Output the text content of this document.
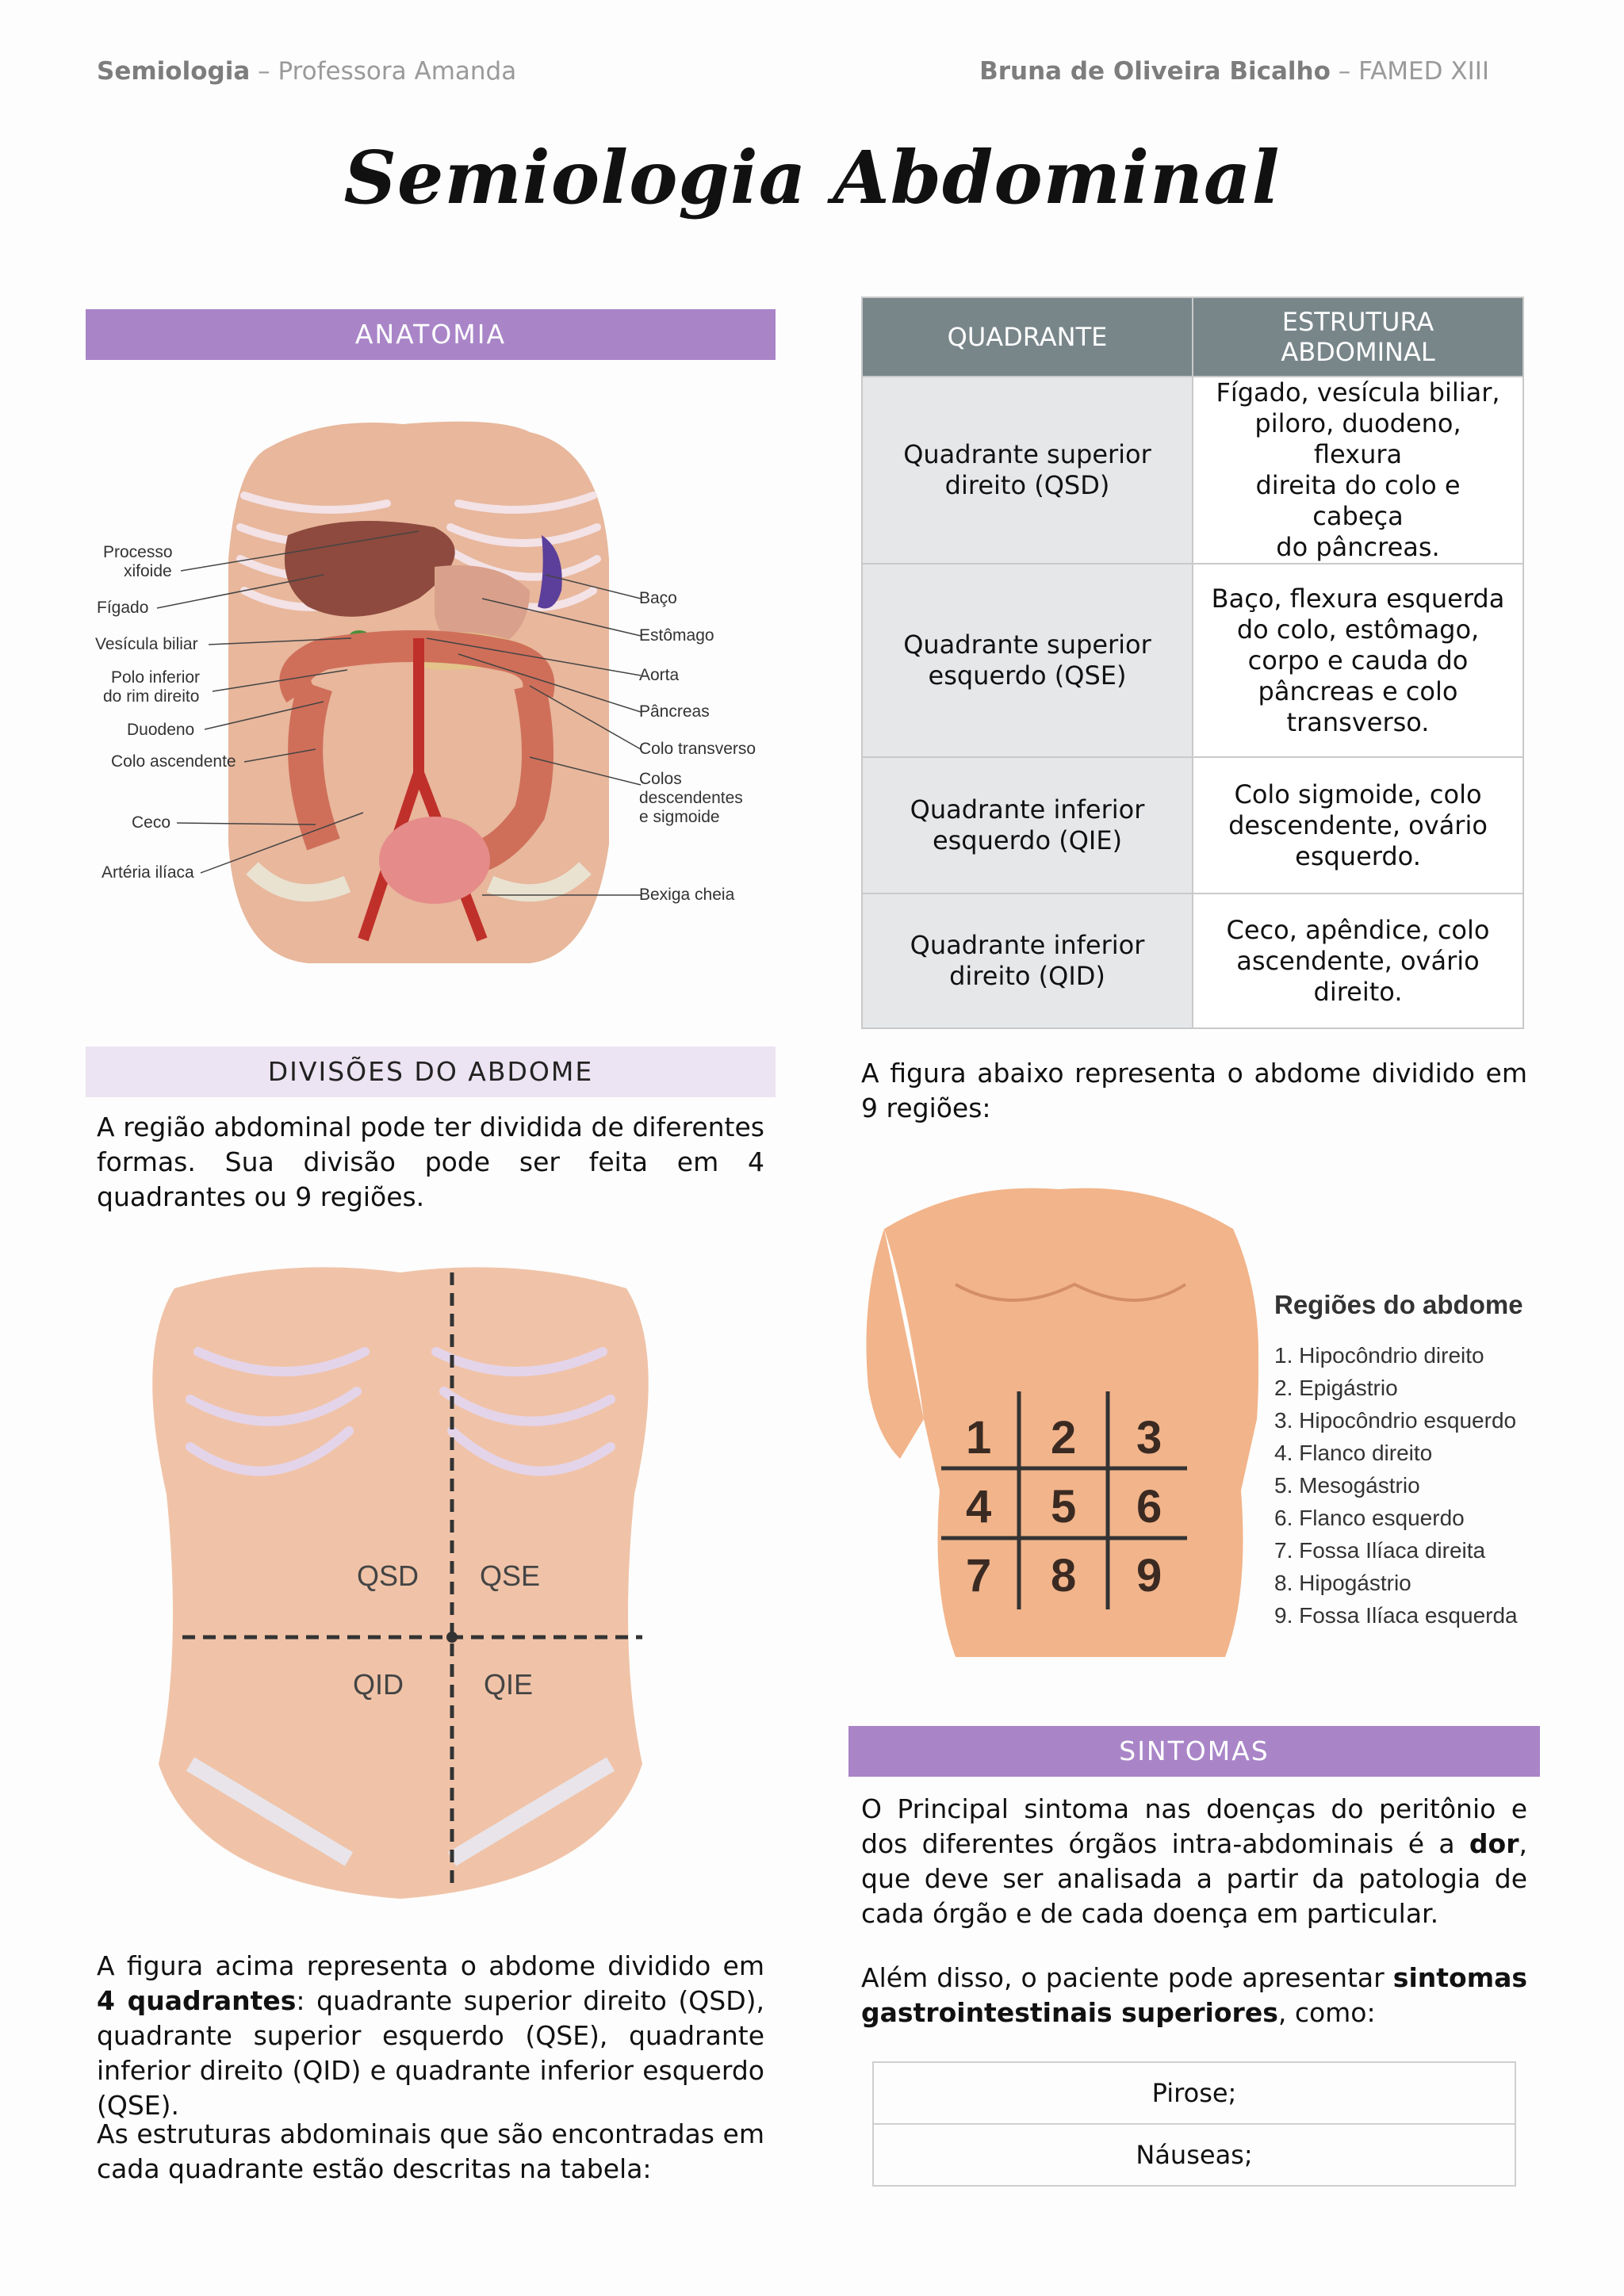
Semiologia – Professora Amanda	Bruna de Oliveira Bicalho – FAMED XIII
Semiologia Abdominal
ANATOMIA
Processo
xifoide
Fígado
Vesícula biliar
Polo inferior
do rim direito
Duodeno
Colo ascendente
Ceco
Artéria ilíaca
Baço
Estômago
Aorta
Pâncreas
Colo transverso
Colos
descendentes
e sigmoide
Bexiga cheia
QUADRANTE	ESTRUTURA
ABDOMINAL
Quadrante superior
direito (QSD)	Fígado, vesícula biliar,
piloro, duodeno, flexura
direita do colo e cabeça
do pâncreas.
Quadrante superior
esquerdo (QSE)	Baço, flexura esquerda
do colo, estômago,
corpo e cauda do
pâncreas e colo
transverso.
Quadrante inferior
esquerdo (QIE)	Colo sigmoide, colo
descendente, ovário
esquerdo.
Quadrante inferior
direito (QID)	Ceco, apêndice, colo
ascendente, ovário
direito.
DIVISÕES DO ABDOME
A região abdominal pode ter dividida de diferentes formas. Sua divisão pode ser feita em 4 quadrantes ou 9 regiões.
QSD QSE
QID	QIE
A figura acima representa o abdome dividido em 4 quadrantes: quadrante superior direito (QSD), quadrante superior esquerdo (QSE), quadrante inferior direito (QID) e quadrante inferior esquerdo (QSE).
As estruturas abdominais que são encontradas em cada quadrante estão descritas na tabela:
A figura abaixo representa o abdome dividido em 9 regiões:
1 2 3
4 5 6
7 8 9
Regiões do abdome
1. Hipocôndrio direito
2. Epigástrio
3. Hipocôndrio esquerdo
4. Flanco direito
5. Mesogástrio
6. Flanco esquerdo
7. Fossa Ilíaca direita
8. Hipogástrio
9. Fossa Ilíaca esquerda
SINTOMAS
O Principal sintoma nas doenças do peritônio e dos diferentes órgãos intra-abdominais é a dor, que deve ser analisada a partir da patologia de cada órgão e de cada doença em particular.
Além disso, o paciente pode apresentar sintomas gastrointestinais superiores, como:
Pirose;
Náuseas;
